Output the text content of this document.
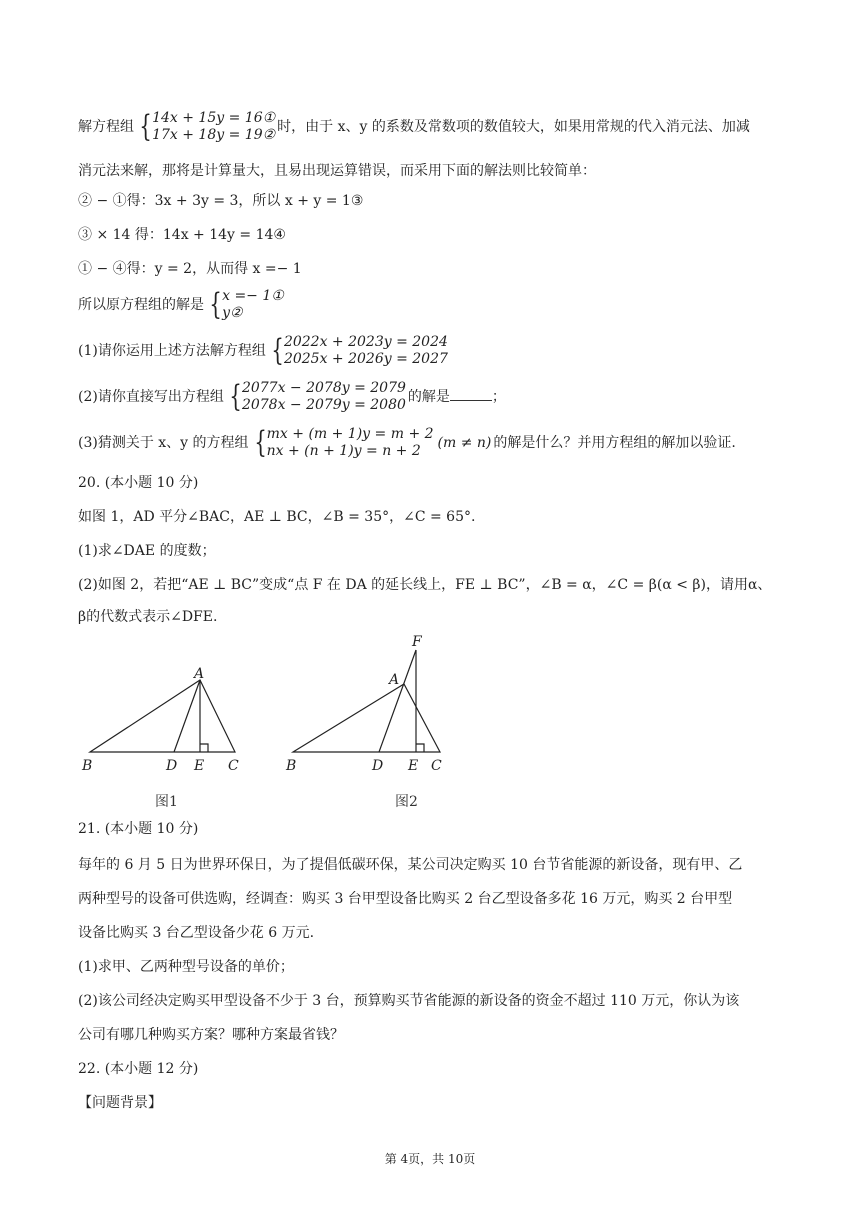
解方程组 { 14x + 15y = 16①
17x + 18y = 19② 时，由于 x、y 的系数及常数项的数值较大，如果用常规的代入消元法、加减
消元法来解，那将是计算量大，且易出现运算错误，而采用下面的解法则比较简单：
② − ①得：3x + 3y = 3，所以 x + y = 1③
③ × 14 得：14x + 14y = 14④
① − ④得：y = 2，从而得 x =− 1
所以原方程组的解是 { x =− 1①
y②
(1)请你运用上述方法解方程组 { 2022x + 2023y = 2024
2025x + 2026y = 2027
(2)请你直接写出方程组 { 2077x − 2078y = 2079
2078x − 2079y = 2080 的解是	；
(3)猜测关于 x、y 的方程组 { mx + (m + 1)y = m + 2
nx + (n + 1)y = n + 2	(m ≠ n) 的解是什么？并用方程组的解加以验证.
20. (本小题 10 分)
如图 1，AD 平分∠BAC，AE ⊥ BC，∠B = 35°，∠C = 65°.
(1)求∠DAE 的度数；
(2)如图 2，若把“AE ⊥ BC”变成“点 F 在 DA 的延长线上，FE ⊥ BC”，∠B = α，∠C = β(α < β)，请用α、
β的代数式表示∠DFE.
A
B	D E C
图1
F
A
B	D E C
图2
21. (本小题 10 分)
每年的 6 月 5 日为世界环保日，为了提倡低碳环保，某公司决定购买 10 台节省能源的新设备，现有甲、乙
两种型号的设备可供选购，经调查：购买 3 台甲型设备比购买 2 台乙型设备多花 16 万元，购买 2 台甲型
设备比购买 3 台乙型设备少花 6 万元.
(1)求甲、乙两种型号设备的单价；
(2)该公司经决定购买甲型设备不少于 3 台，预算购买节省能源的新设备的资金不超过 110 万元，你认为该
公司有哪几种购买方案？哪种方案最省钱？
22. (本小题 12 分)
【问题背景】
第 4页，共 10页
